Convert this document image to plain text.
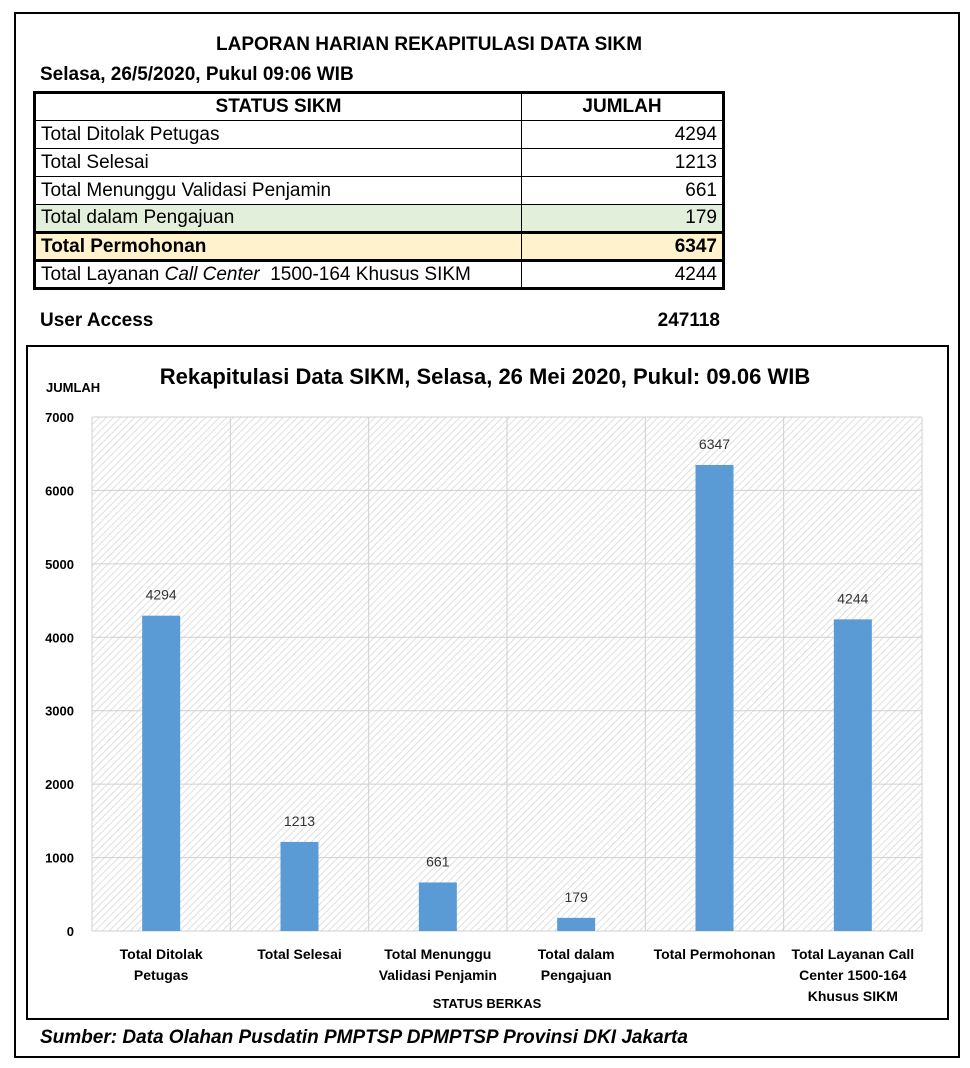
LAPORAN HARIAN REKAPITULASI DATA SIKM
Selasa, 26/5/2020, Pukul 09:06 WIB
STATUS SIKM	JUMLAH
Total Ditolak Petugas	4294
Total Selesai	1213
Total Menunggu Validasi Penjamin	661
Total dalam Pengajuan	179
Total Permohonan	6347
Total Layanan Call Center  1500-164 Khusus SIKM	4244
User Access	247118
Rekapitulasi Data SIKM, Selasa, 26 Mei 2020, Pukul: 09.06 WIB
0
1000
2000
3000
4000
5000
6000
7000
4294
Total Ditolak
Petugas
1213
Total Selesai
661
Total Menunggu
Validasi Penjamin
179
Total dalam
Pengajuan
6347
Total Permohonan
4244
Total Layanan Call
Center 1500-164
Khusus SIKM
JUMLAH
STATUS BERKAS
Sumber: Data Olahan Pusdatin PMPTSP DPMPTSP Provinsi DKI Jakarta
